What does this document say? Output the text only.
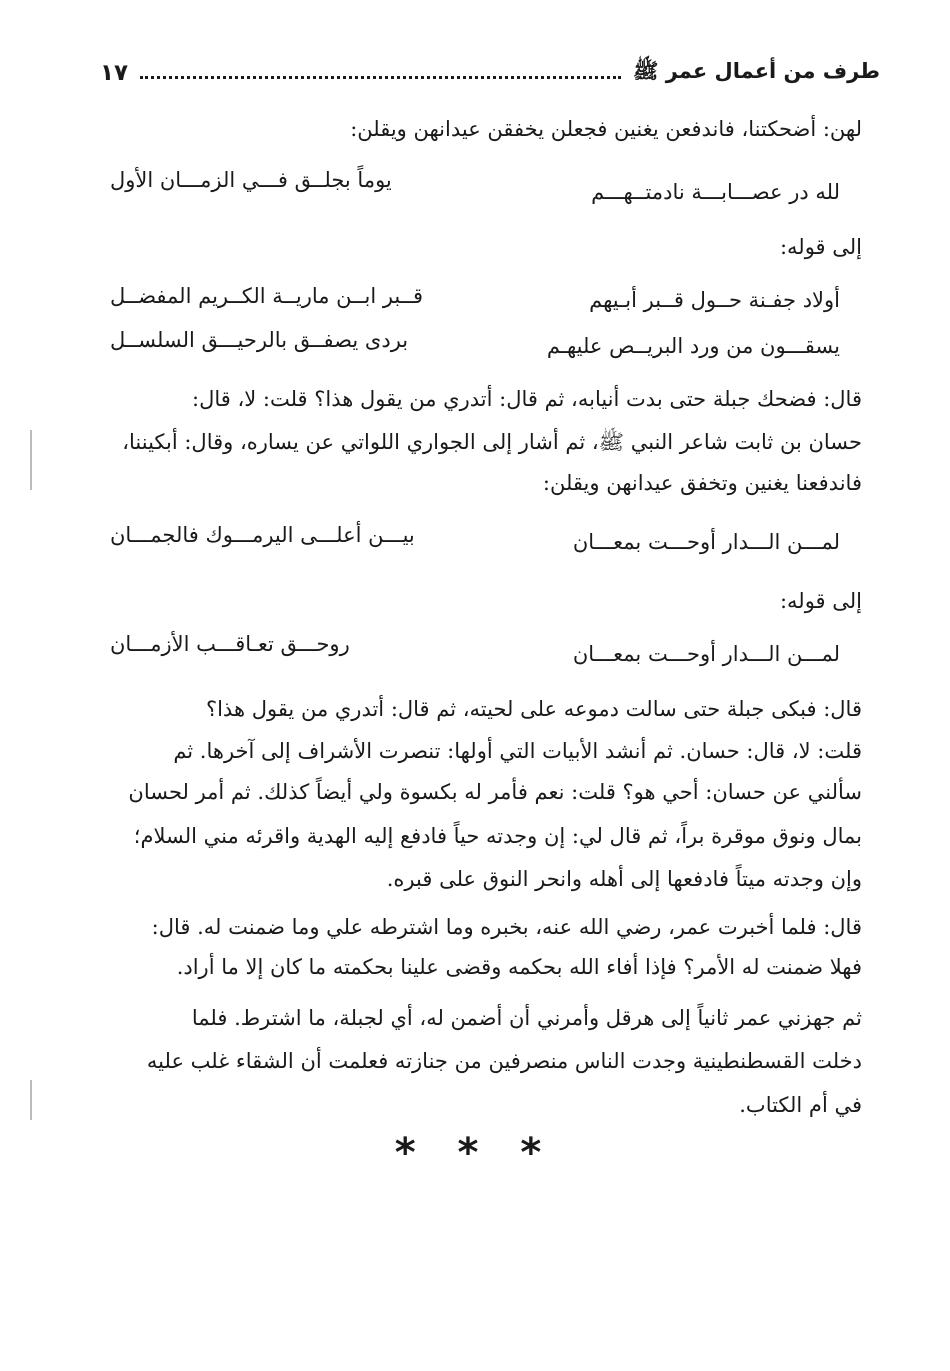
طرف من أعمال عمر ﷺ
١٧
لهن: أضحكتنا، فاندفعن يغنين فجعلن يخفقن عيدانهن ويقلن:
لله در عصـــابـــة نادمتــهـــم
يوماً بجلــق فـــي الزمـــان الأول
إلى قوله:
أولاد جفـنة حــول قــبر أبـيهم
قــبر ابــن ماريــة الكــريم المفضــل
يسقـــون من ورد البريــص عليهـم
بردى يصفــق بالرحيـــق السلســل
قال: فضحك جبلة حتى بدت أنيابه، ثم قال: أتدري من يقول هذا؟ قلت: لا، قال:
حسان بن ثابت شاعر النبي ﷺ، ثم أشار إلى الجواري اللواتي عن يساره، وقال: أبكيننا،
فاندفعنا يغنين وتخفق عيدانهن ويقلن:
لمـــن الـــدار أوحـــت بمعـــان
بيـــن أعلـــى اليرمـــوك فالجمـــان
إلى قوله:
لمـــن الـــدار أوحـــت بمعـــان
روحـــق تعـاقـــب الأزمـــان
قال: فبكى جبلة حتى سالت دموعه على لحيته، ثم قال: أتدري من يقول هذا؟
قلت: لا، قال: حسان. ثم أنشد الأبيات التي أولها: تنصرت الأشراف إلى آخرها. ثم
سألني عن حسان: أحي هو؟ قلت: نعم فأمر له بكسوة ولي أيضاً كذلك. ثم أمر لحسان
بمال ونوق موقرة براً، ثم قال لي: إن وجدته حياً فادفع إليه الهدية واقرئه مني السلام؛
وإن وجدته ميتاً فادفعها إلى أهله وانحر النوق على قبره.
قال: فلما أخبرت عمر، رضي الله عنه، بخبره وما اشترطه علي وما ضمنت له. قال:
فهلا ضمنت له الأمر؟ فإذا أفاء الله بحكمه وقضى علينا بحكمته ما كان إلا ما أراد.
ثم جهزني عمر ثانياً إلى هرقل وأمرني أن أضمن له، أي لجبلة، ما اشترط. فلما
دخلت القسطنطينية وجدت الناس منصرفين من جنازته فعلمت أن الشقاء غلب عليه
في أم الكتاب.
* * *
